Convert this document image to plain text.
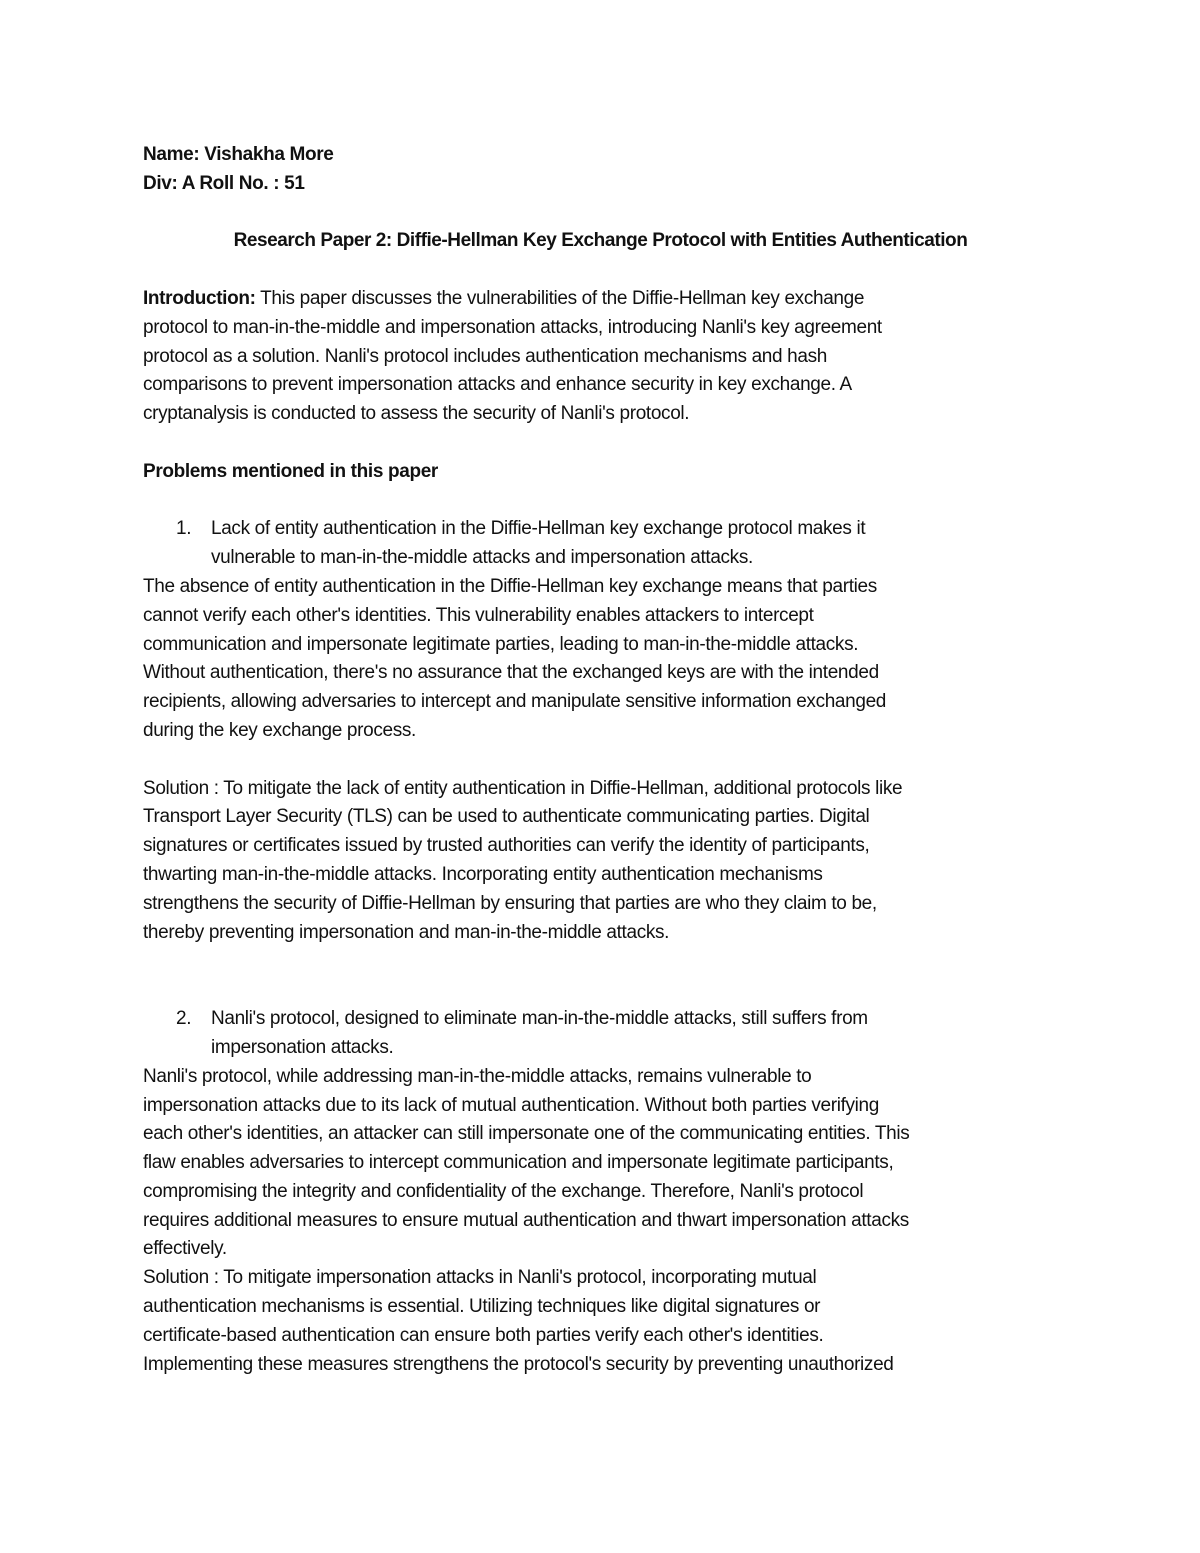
Name: Vishakha More
Div: A Roll No. : 51
Research Paper 2: Diffie-Hellman Key Exchange Protocol with Entities Authentication
Introduction: This paper discusses the vulnerabilities of the Diffie-Hellman key exchange
protocol to man-in-the-middle and impersonation attacks, introducing Nanli's key agreement
protocol as a solution. Nanli's protocol includes authentication mechanisms and hash
comparisons to prevent impersonation attacks and enhance security in key exchange. A
cryptanalysis is conducted to assess the security of Nanli's protocol.
Problems mentioned in this paper
1. Lack of entity authentication in the Diffie-Hellman key exchange protocol makes it
vulnerable to man-in-the-middle attacks and impersonation attacks.
The absence of entity authentication in the Diffie-Hellman key exchange means that parties
cannot verify each other's identities. This vulnerability enables attackers to intercept
communication and impersonate legitimate parties, leading to man-in-the-middle attacks.
Without authentication, there's no assurance that the exchanged keys are with the intended
recipients, allowing adversaries to intercept and manipulate sensitive information exchanged
during the key exchange process.
Solution : To mitigate the lack of entity authentication in Diffie-Hellman, additional protocols like
Transport Layer Security (TLS) can be used to authenticate communicating parties. Digital
signatures or certificates issued by trusted authorities can verify the identity of participants,
thwarting man-in-the-middle attacks. Incorporating entity authentication mechanisms
strengthens the security of Diffie-Hellman by ensuring that parties are who they claim to be,
thereby preventing impersonation and man-in-the-middle attacks.
2. Nanli's protocol, designed to eliminate man-in-the-middle attacks, still suffers from
impersonation attacks.
Nanli's protocol, while addressing man-in-the-middle attacks, remains vulnerable to
impersonation attacks due to its lack of mutual authentication. Without both parties verifying
each other's identities, an attacker can still impersonate one of the communicating entities. This
flaw enables adversaries to intercept communication and impersonate legitimate participants,
compromising the integrity and confidentiality of the exchange. Therefore, Nanli's protocol
requires additional measures to ensure mutual authentication and thwart impersonation attacks
effectively.
Solution : To mitigate impersonation attacks in Nanli's protocol, incorporating mutual
authentication mechanisms is essential. Utilizing techniques like digital signatures or
certificate-based authentication can ensure both parties verify each other's identities.
Implementing these measures strengthens the protocol's security by preventing unauthorized
